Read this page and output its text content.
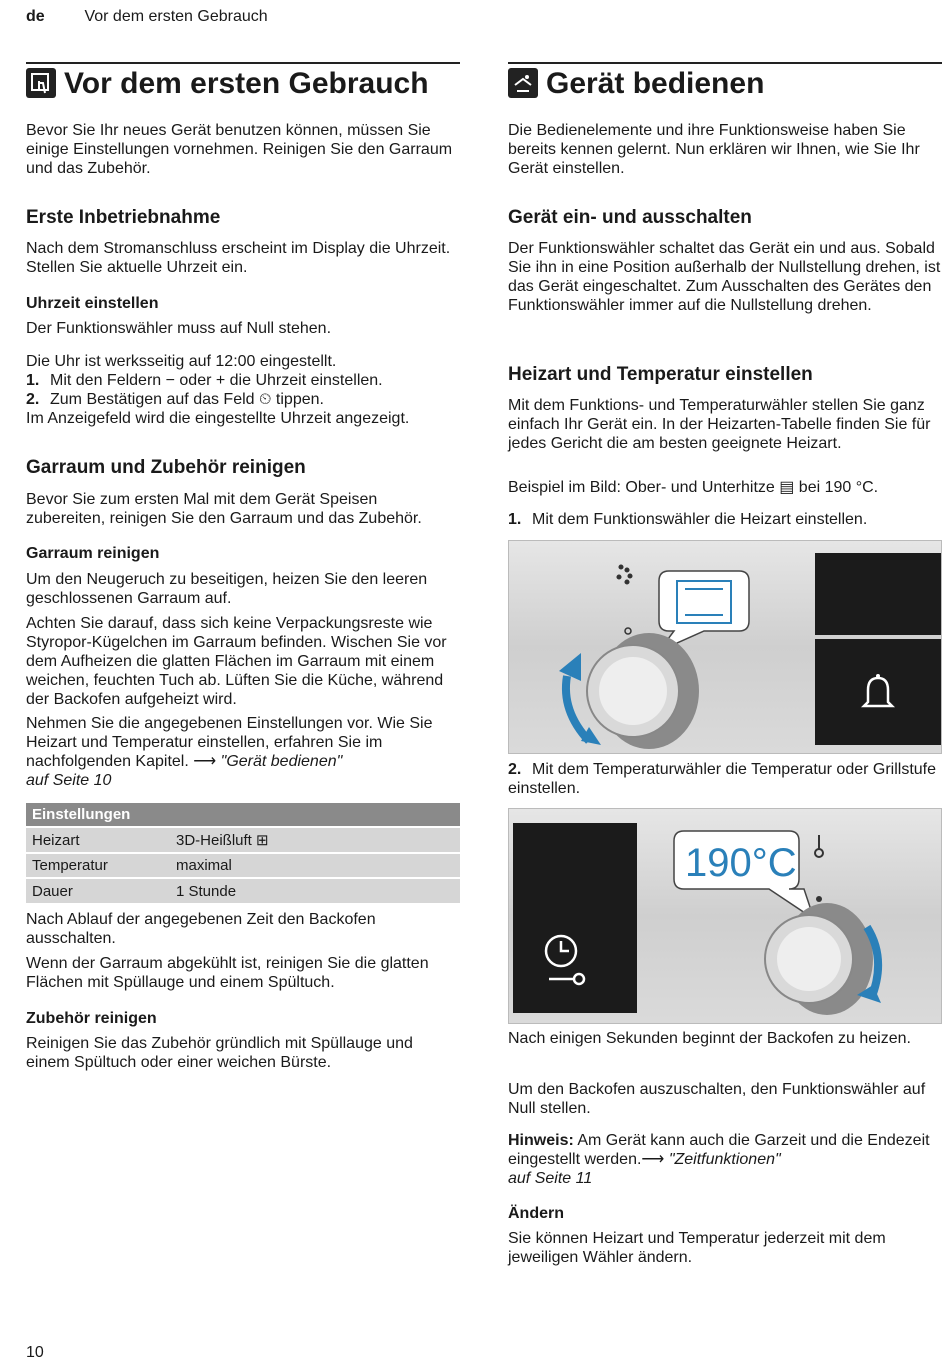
de Vor dem ersten Gebrauch
Vor dem ersten Gebrauch

Bevor Sie Ihr neues Gerät benutzen können, müssen Sie einige Einstellungen vornehmen. Reinigen Sie den Garraum und das Zubehör.

Erste Inbetriebnahme

Nach dem Stromanschluss erscheint im Display die Uhrzeit. Stellen Sie aktuelle Uhrzeit ein.

Uhrzeit einstellen

Der Funktionswähler muss auf Null stehen.

Die Uhr ist werksseitig auf 12:00 eingestellt.

1. Mit den Feldern − oder + die Uhrzeit einstellen.
2. Zum Bestätigen auf das Feld ⏲ tippen.

Im Anzeigefeld wird die eingestellte Uhrzeit angezeigt.

Garraum und Zubehör reinigen

Bevor Sie zum ersten Mal mit dem Gerät Speisen zubereiten, reinigen Sie den Garraum und das Zubehör.

Garraum reinigen

Um den Neugeruch zu beseitigen, heizen Sie den leeren geschlossenen Garraum auf.

Achten Sie darauf, dass sich keine Verpackungsreste wie Styropor-Kügelchen im Garraum befinden. Wischen Sie vor dem Aufheizen die glatten Flächen im Garraum mit einem weichen, feuchten Tuch ab. Lüften Sie die Küche, während der Backofen aufgeheizt wird.

Nehmen Sie die angegebenen Einstellungen vor. Wie Sie Heizart und Temperatur einstellen, erfahren Sie im nachfolgenden Kapitel. ⟶ "Gerät bedienen"
auf Seite 10

Einstellungen	
Heizart	3D-Heißluft ⊞
Temperatur	maximal
Dauer	1 Stunde

Nach Ablauf der angegebenen Zeit den Backofen ausschalten.

Wenn der Garraum abgekühlt ist, reinigen Sie die glatten Flächen mit Spüllauge und einem Spültuch.

Zubehör reinigen

Reinigen Sie das Zubehör gründlich mit Spüllauge und einem Spültuch oder einer weichen Bürste.

Gerät bedienen

Die Bedienelemente und ihre Funktionsweise haben Sie bereits kennen gelernt. Nun erklären wir Ihnen, wie Sie Ihr Gerät einstellen.

Gerät ein- und ausschalten

Der Funktionswähler schaltet das Gerät ein und aus. Sobald Sie ihn in eine Position außerhalb der Nullstellung drehen, ist das Gerät eingeschaltet. Zum Ausschalten des Gerätes den Funktionswähler immer auf die Nullstellung drehen.

Heizart und Temperatur einstellen

Mit dem Funktions- und Temperaturwähler stellen Sie ganz einfach Ihr Gerät ein. In der Heizarten-Tabelle finden Sie für jedes Gericht die am besten geeignete Heizart.

Beispiel im Bild: Ober- und Unterhitze ▤ bei 190 °C.

1. Mit dem Funktionswähler die Heizart einstellen.

2. Mit dem Temperaturwähler die Temperatur oder Grillstufe einstellen.

190°C

Nach einigen Sekunden beginnt der Backofen zu heizen.

Um den Backofen auszuschalten, den Funktionswähler auf Null stellen.

Hinweis: Am Gerät kann auch die Garzeit und die Endezeit eingestellt werden.⟶ "Zeitfunktionen"
auf Seite 11

Ändern

Sie können Heizart und Temperatur jederzeit mit dem jeweiligen Wähler ändern.

10
